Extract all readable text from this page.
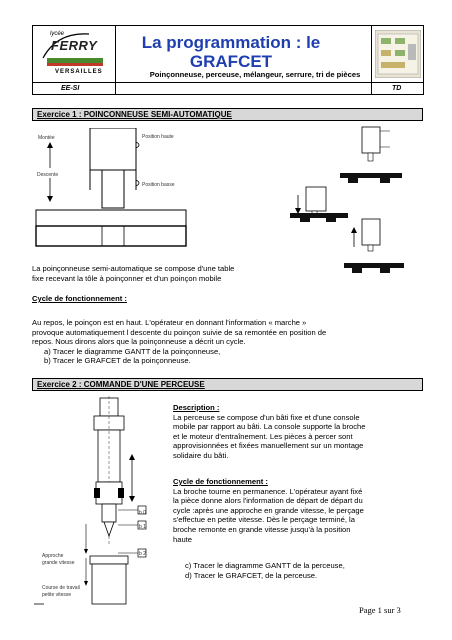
lycée
FERRY
VERSAILLES
EE-SI	TD
La programmation : le
GRAFCET
Poinçonneuse, perceuse, mélangeur, serrure, tri de pièces
Exercice 1 : POINCONNEUSE SEMI-AUTOMATIQUE
Montée
Descente
Position haute
Position basse
La poinçonneuse semi-automatique se compose d'une table
fixe recevant la tôle à poinçonner et d'un poinçon mobile
Cycle de fonctionnement :
Au repos, le poinçon est en haut. L'opérateur en donnant l'information « marche »
provoque automatiquement l descente du poinçon suivie de sa remontée en position de
repos. Nous dirons alors que la poinçonneuse a décrit un cycle.
a) Tracer le diagramme GANTT de la poinçonneuse,
b) Tracer le GRAFCET de la poinçonneuse.
Exercice 2 : COMMANDE D'UNE PERCEUSE
b 0
b 1
b 2
Approche
grande vitesse
Course de travail
petite vitesse
Description :
La perceuse se compose d'un bâti fixe et d'une console
mobile par rapport au bâti. La console supporte la broche
et le moteur d'entraînement. Les pièces à percer sont
approvisionnées et fixées manuellement sur un montage
solidaire du bâti.
Cycle de fonctionnement :
La broche tourne en permanence. L'opérateur ayant fixé
la pièce donne alors l'information de départ de départ du
cycle :après une approche en grande vitesse, le perçage
s'effectue en petite vitesse. Dès le perçage terminé, la
broche remonte en grande vitesse jusqu'à la position
haute
c) Tracer le diagramme GANTT de la perceuse,
d) Tracer le GRAFCET, de la perceuse.
Page 1 sur 3
